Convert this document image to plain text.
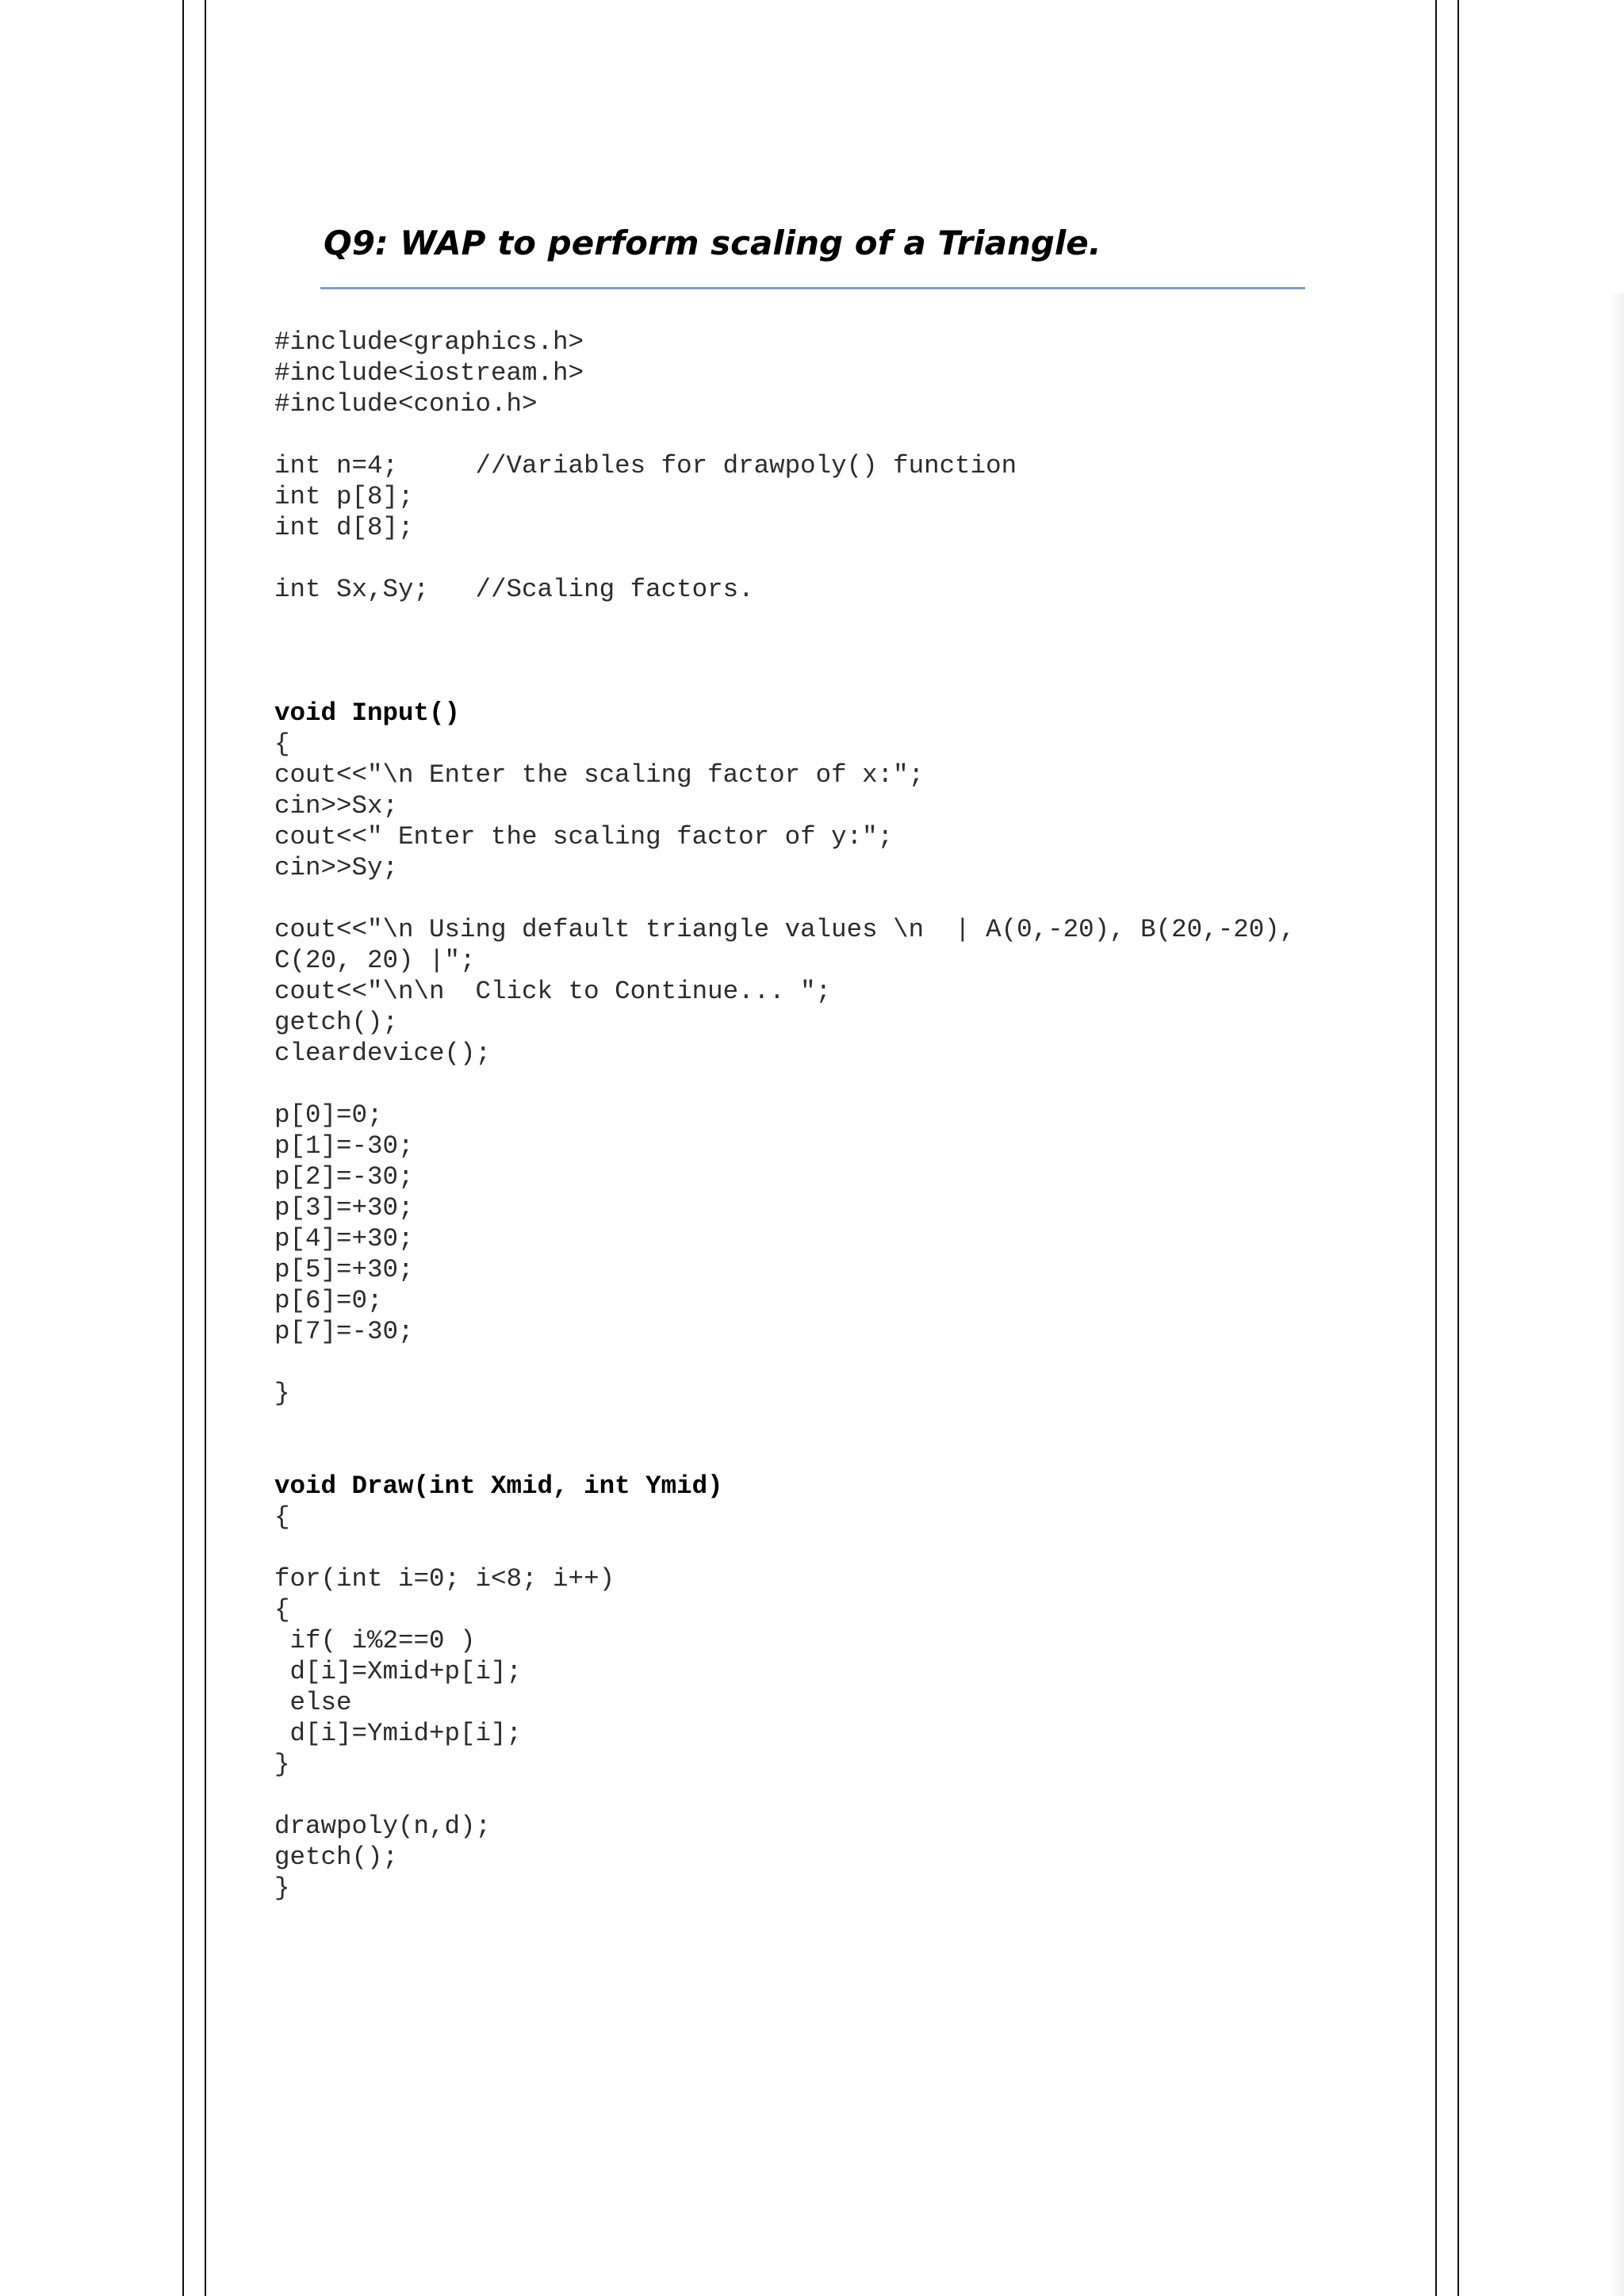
Q9: WAP to perform scaling of a Triangle.
#include<graphics.h>
#include<iostream.h>
#include<conio.h>
int n=4;     //Variables for drawpoly() function
int p[8];
int d[8];
int Sx,Sy;   //Scaling factors.
void Input()
{
cout<<"\n Enter the scaling factor of x:";
cin>>Sx;
cout<<" Enter the scaling factor of y:";
cin>>Sy;
cout<<"\n Using default triangle values \n  | A(0,-20), B(20,-20),
C(20, 20) |";
cout<<"\n\n  Click to Continue... ";
getch();
cleardevice();
p[0]=0;
p[1]=-30;
p[2]=-30;
p[3]=+30;
p[4]=+30;
p[5]=+30;
p[6]=0;
p[7]=-30;
}
void Draw(int Xmid, int Ymid)
{
for(int i=0; i<8; i++)
{
if( i%2==0 )
d[i]=Xmid+p[i];
else
d[i]=Ymid+p[i];
}
drawpoly(n,d);
getch();
}
